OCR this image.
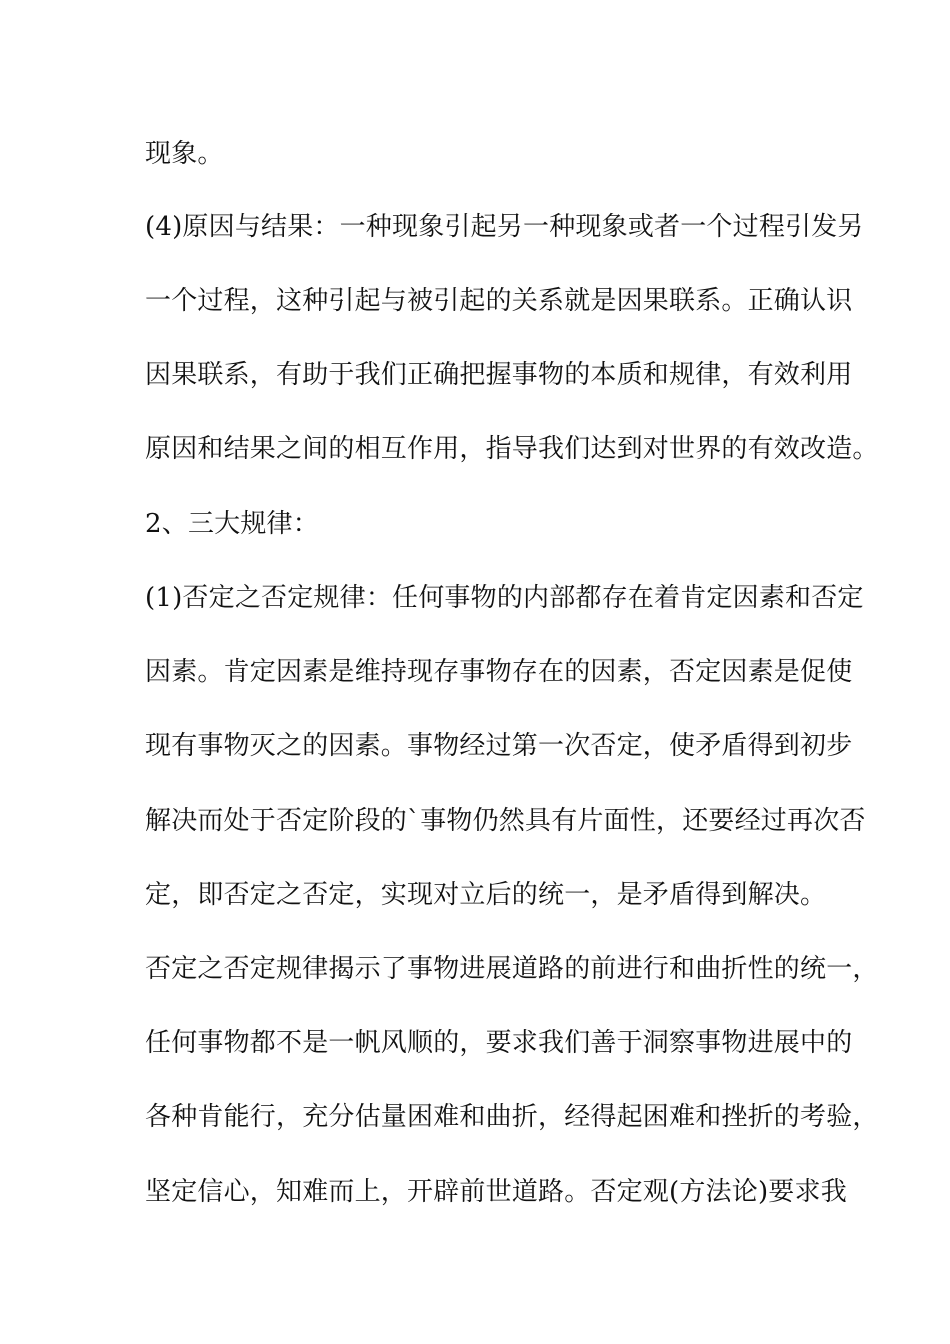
现象。
(4)原因与结果：一种现象引起另一种现象或者一个过程引发另
一个过程，这种引起与被引起的关系就是因果联系。正确认识
因果联系，有助于我们正确把握事物的本质和规律，有效利用
原因和结果之间的相互作用，指导我们达到对世界的有效改造。
2、三大规律：
(1)否定之否定规律：任何事物的内部都存在着肯定因素和否定
因素。肯定因素是维持现存事物存在的因素，否定因素是促使
现有事物灭之的因素。事物经过第一次否定，使矛盾得到初步
解决而处于否定阶段的`事物仍然具有片面性，还要经过再次否
定，即否定之否定，实现对立后的统一，是矛盾得到解决。
否定之否定规律揭示了事物进展道路的前进行和曲折性的统一，
任何事物都不是一帆风顺的，要求我们善于洞察事物进展中的
各种肯能行，充分估量困难和曲折，经得起困难和挫折的考验，
坚定信心，知难而上，开辟前世道路。否定观(方法论)要求我
